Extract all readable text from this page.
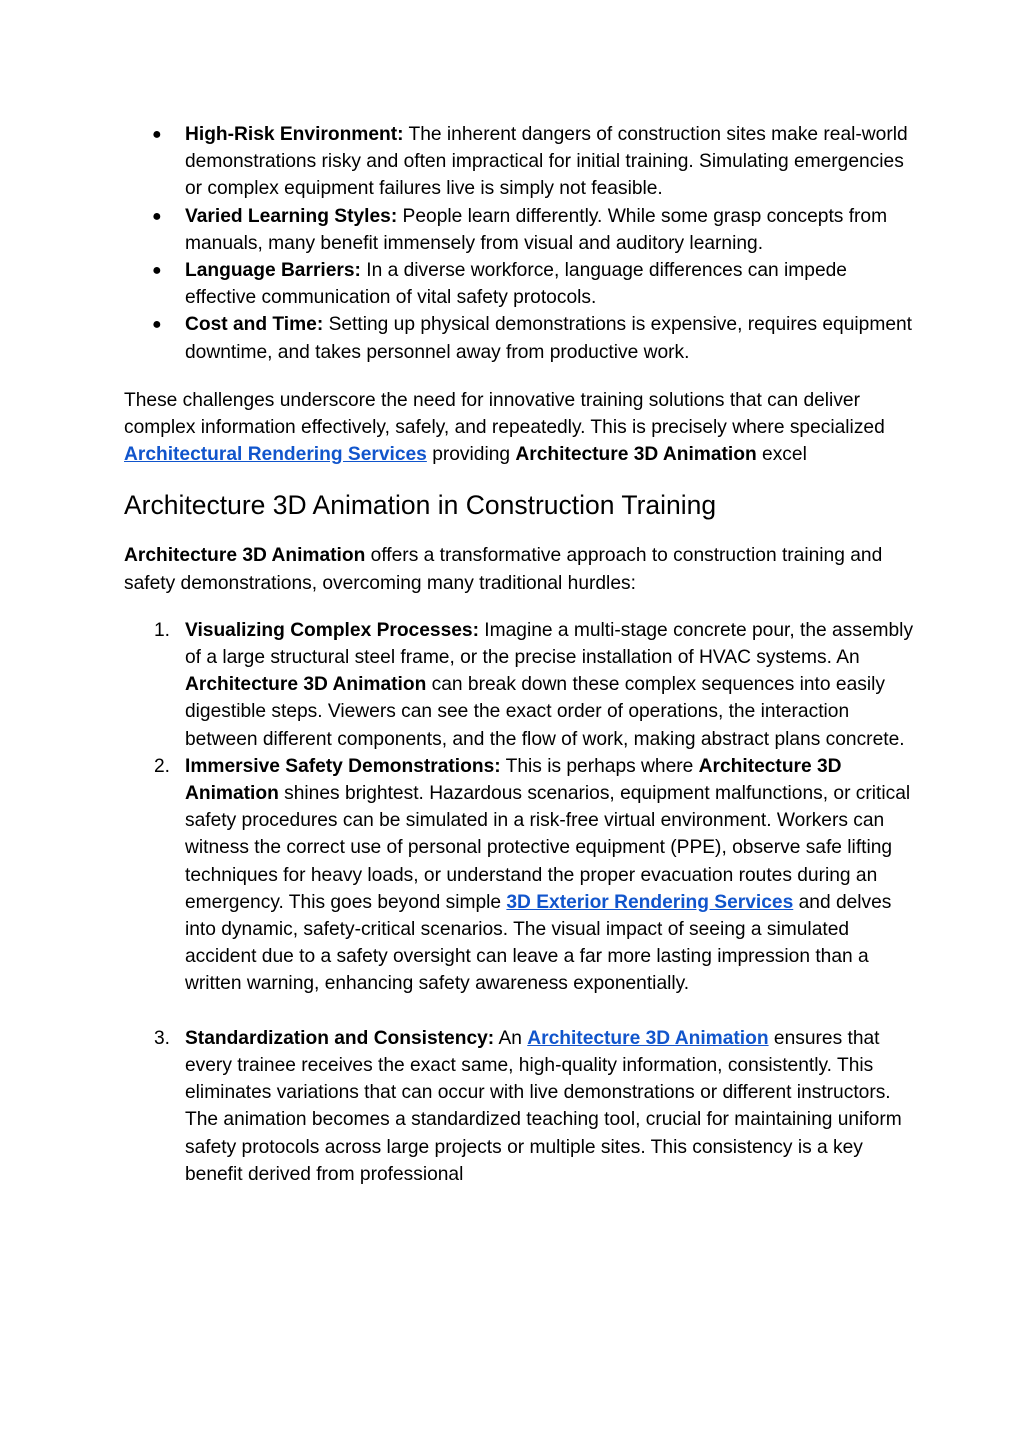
● High-Risk Environment: The inherent dangers of construction sites make real-world demonstrations risky and often impractical for initial training. Simulating emergencies or complex equipment failures live is simply not feasible.
● Varied Learning Styles: People learn differently. While some grasp concepts from manuals, many benefit immensely from visual and auditory learning.
● Language Barriers: In a diverse workforce, language differences can impede effective communication of vital safety protocols.
● Cost and Time: Setting up physical demonstrations is expensive, requires equipment downtime, and takes personnel away from productive work.

These challenges underscore the need for innovative training solutions that can deliver complex information effectively, safely, and repeatedly. This is precisely where specialized Architectural Rendering Services providing Architecture 3D Animation excel

Architecture 3D Animation in Construction Training

Architecture 3D Animation offers a transformative approach to construction training and safety demonstrations, overcoming many traditional hurdles:

1. Visualizing Complex Processes: Imagine a multi-stage concrete pour, the assembly of a large structural steel frame, or the precise installation of HVAC systems. An Architecture 3D Animation can break down these complex sequences into easily digestible steps. Viewers can see the exact order of operations, the interaction between different components, and the flow of work, making abstract plans concrete.
2. Immersive Safety Demonstrations: This is perhaps where Architecture 3D Animation shines brightest. Hazardous scenarios, equipment malfunctions, or critical safety procedures can be simulated in a risk-free virtual environment. Workers can witness the correct use of personal protective equipment (PPE), observe safe lifting techniques for heavy loads, or understand the proper evacuation routes during an emergency. This goes beyond simple 3D Exterior Rendering Services and delves into dynamic, safety-critical scenarios. The visual impact of seeing a simulated accident due to a safety oversight can leave a far more lasting impression than a written warning, enhancing safety awareness exponentially.
3. Standardization and Consistency: An Architecture 3D Animation ensures that every trainee receives the exact same, high-quality information, consistently. This eliminates variations that can occur with live demonstrations or different instructors. The animation becomes a standardized teaching tool, crucial for maintaining uniform safety protocols across large projects or multiple sites. This consistency is a key benefit derived from professional
